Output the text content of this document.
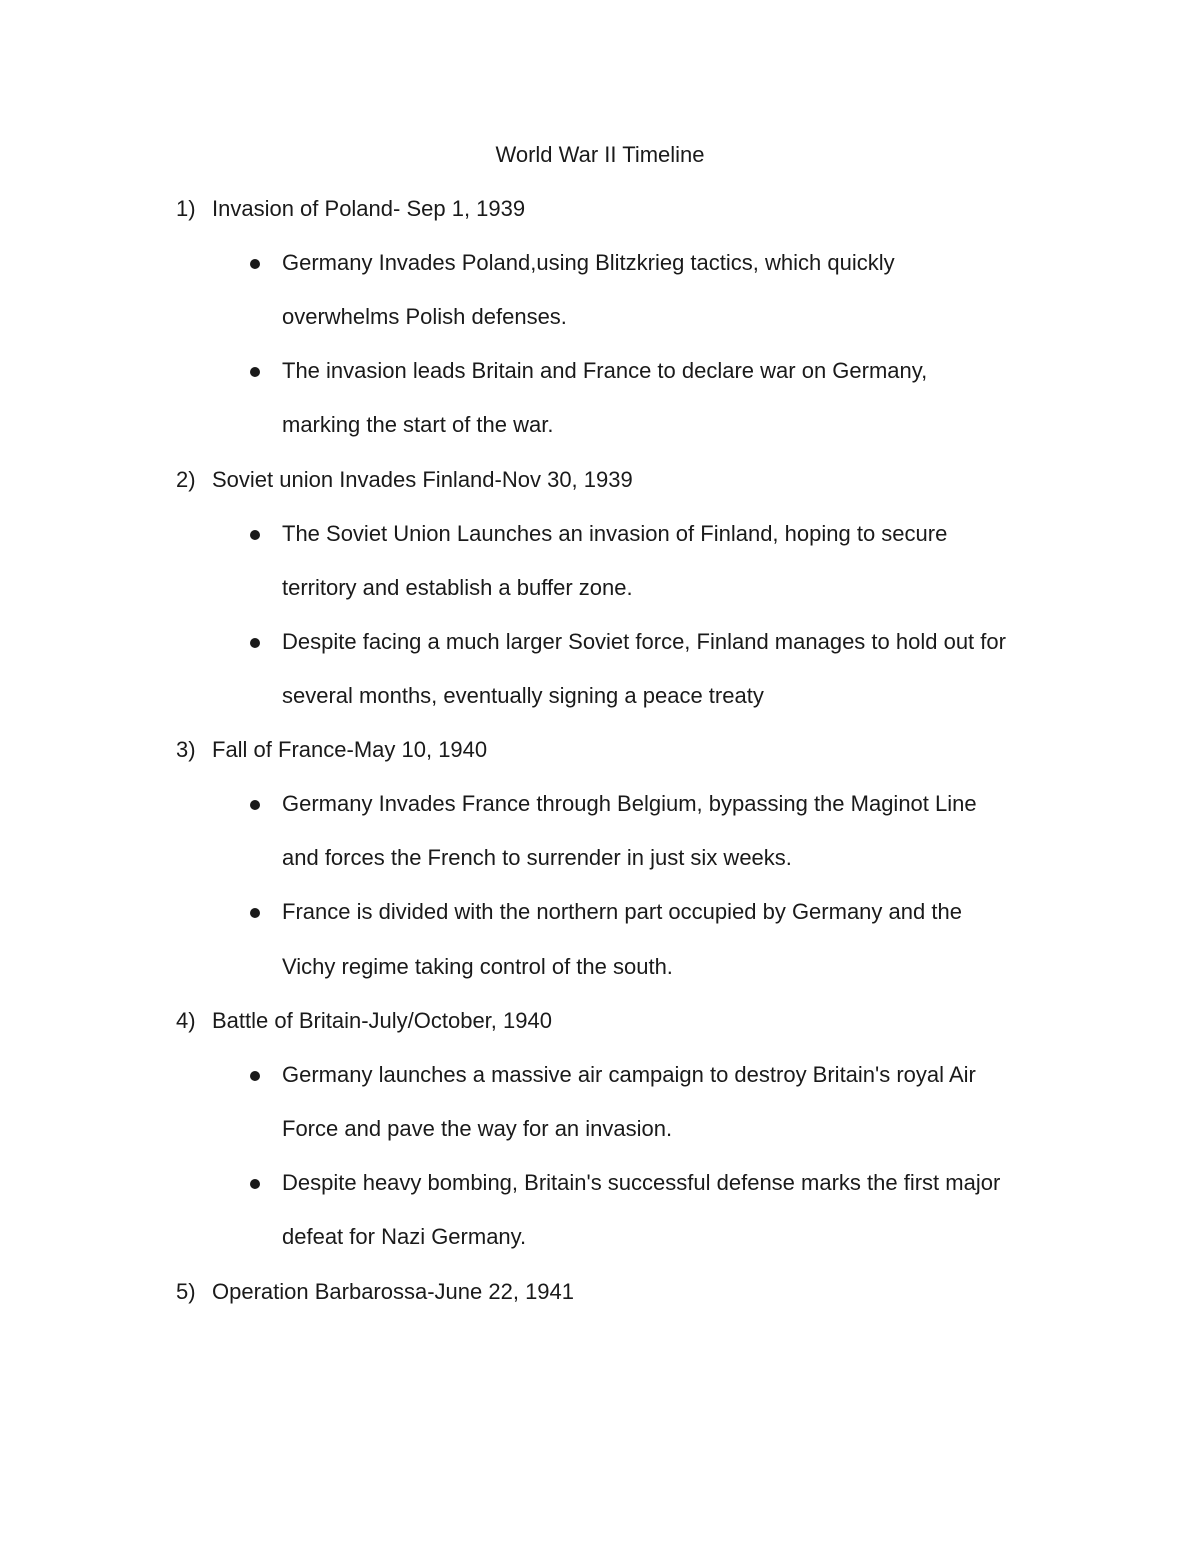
World War II Timeline
1) Invasion of Poland- Sep 1, 1939
Germany Invades Poland,using Blitzkrieg tactics, which quickly
overwhelms Polish defenses.
The invasion leads Britain and France to declare war on Germany,
marking the start of the war.
2) Soviet union Invades Finland-Nov 30, 1939
The Soviet Union Launches an invasion of Finland, hoping to secure
territory and establish a buffer zone.
Despite facing a much larger Soviet force, Finland manages to hold out for
several months, eventually signing a peace treaty
3) Fall of France-May 10, 1940
Germany Invades France through Belgium, bypassing the Maginot Line
and forces the French to surrender in just six weeks.
France is divided with the northern part occupied by Germany and the
Vichy regime taking control of the south.
4) Battle of Britain-July/October, 1940
Germany launches a massive air campaign to destroy Britain's royal Air
Force and pave the way for an invasion.
Despite heavy bombing, Britain's successful defense marks the first major
defeat for Nazi Germany.
5) Operation Barbarossa-June 22, 1941
